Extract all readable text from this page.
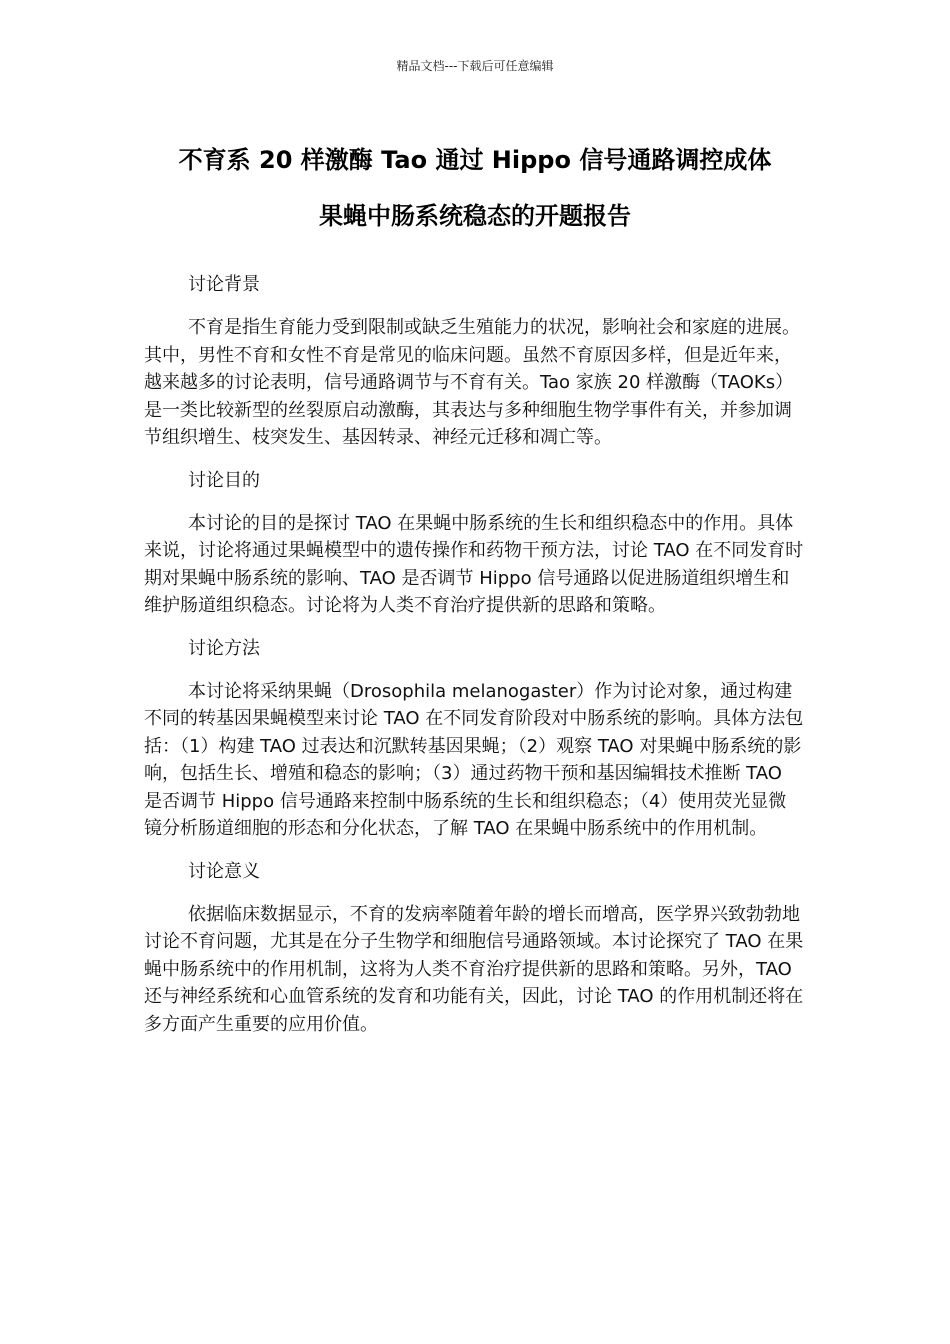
精品文档---下载后可任意编辑
不育系 20 样激酶 Tao 通过 Hippo 信号通路调控成体
果蝇中肠系统稳态的开题报告
讨论背景

不育是指生育能力受到限制或缺乏生殖能力的状况，影响社会和家庭的进展。其中，男性不育和女性不育是常见的临床问题。虽然不育原因多样，但是近年来，越来越多的讨论表明，信号通路调节与不育有关。Tao 家族 20 样激酶（TAOKs）是一类比较新型的丝裂原启动激酶，其表达与多种细胞生物学事件有关，并参加调节组织增生、枝突发生、基因转录、神经元迁移和凋亡等。

讨论目的

本讨论的目的是探讨 TAO 在果蝇中肠系统的生长和组织稳态中的作用。具体来说，讨论将通过果蝇模型中的遗传操作和药物干预方法，讨论 TAO 在不同发育时期对果蝇中肠系统的影响、TAO 是否调节 Hippo 信号通路以促进肠道组织增生和维护肠道组织稳态。讨论将为人类不育治疗提供新的思路和策略。

讨论方法

本讨论将采纳果蝇（Drosophila melanogaster）作为讨论对象，通过构建不同的转基因果蝇模型来讨论 TAO 在不同发育阶段对中肠系统的影响。具体方法包括：（1）构建 TAO 过表达和沉默转基因果蝇；（2）观察 TAO 对果蝇中肠系统的影响，包括生长、增殖和稳态的影响；（3）通过药物干预和基因编辑技术推断 TAO 是否调节 Hippo 信号通路来控制中肠系统的生长和组织稳态；（4）使用荧光显微镜分析肠道细胞的形态和分化状态，了解 TAO 在果蝇中肠系统中的作用机制。

讨论意义

依据临床数据显示，不育的发病率随着年龄的增长而增高，医学界兴致勃勃地讨论不育问题，尤其是在分子生物学和细胞信号通路领域。本讨论探究了 TAO 在果蝇中肠系统中的作用机制，这将为人类不育治疗提供新的思路和策略。另外，TAO 还与神经系统和心血管系统的发育和功能有关，因此，讨论 TAO 的作用机制还将在多方面产生重要的应用价值。
